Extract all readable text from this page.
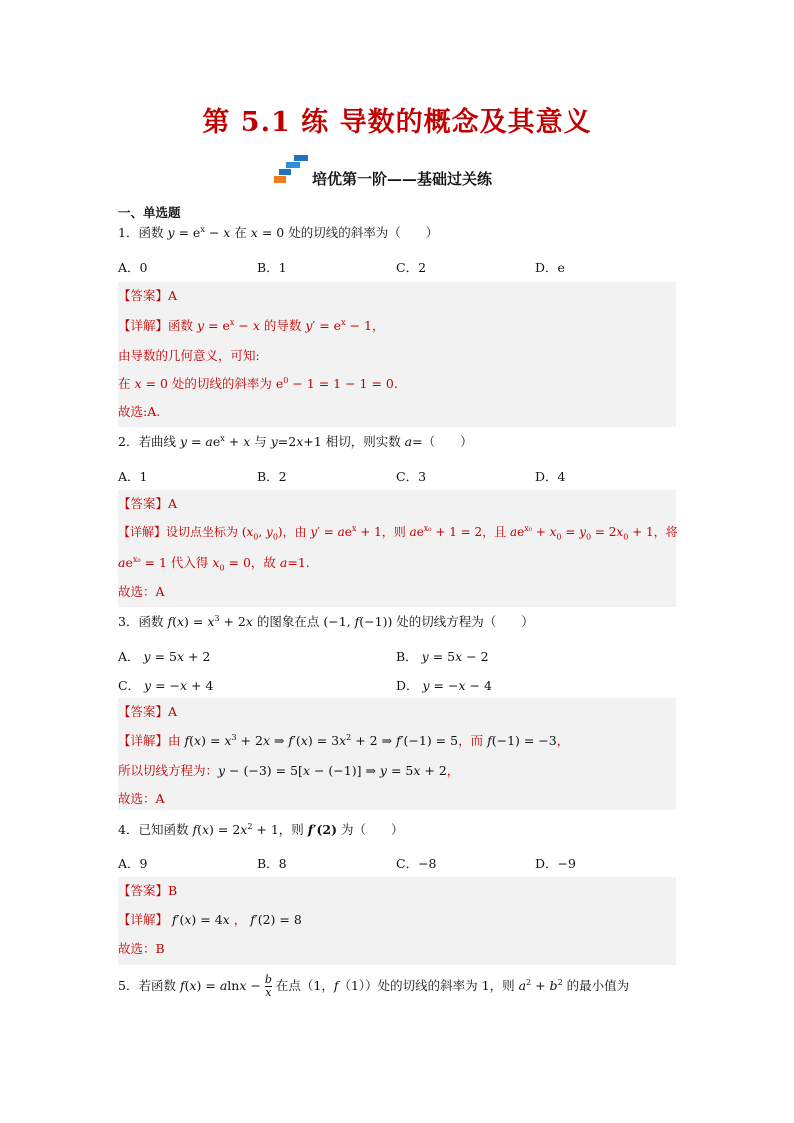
第 5.1 练 导数的概念及其意义
培优第一阶——基础过关练
一、单选题
1．函数 $y = e^x - x$ 在 x = 0 处的切线的斜率为（  ）
A．0	B．1	C．2	D．e
【答案】A
【详解】函数 $y = e^x - x$ 的导数 $y' = e^x - 1$，
由导数的几何意义，可知:
在 x = 0 处的切线的斜率为 $e^0 - 1 = 1 - 1 = 0$.
故选:A.
2．若曲线 $y = ae^x + x$ 与 y=2x+1 相切，则实数 a=（  ）
A．1	B．2	C．3	D．4
【答案】A
【详解】设切点坐标为 ($x_0$, $y_0$)，由 $y' = ae^x + 1$，则 $ae^{x_0} + 1 = 2$，且 $ae^{x_0} + x_0 = y_0 = 2x_0 + 1$，将
$ae^{x_0} = 1$ 代入得 $x_0 = 0$，故 a=1.
故选：A
3．函数 $f(x) = x^3 + 2x$ 的图象在点 (−1, f(−1)) 处的切线方程为（  ）
A． y = 5x + 2	B． y = 5x − 2
C． y = −x + 4	D． y = −x − 4
【答案】A
【详解】由 $f(x) = x^3 + 2x$ ⇒ $f'(x) = 3x^2 + 2$ ⇒ f′(−1) = 5，而 f(−1) = −3，
所以切线方程为：y − (−3) = 5[x − (−1)] ⇒ y = 5x + 2，
故选：A
4．已知函数 $f(x) = 2x^2 + 1$，则 f′(2) 为（  ）
A．9	B．8	C．−8	D．−9
【答案】B
【详解】 f′(x) = 4x ， f′(2) = 8
故选：B
5．若函数 $f(x) = alnx - \frac{b}{x}$ 在点（1，f（1））处的切线的斜率为 1，则 $a^2 + b^2$ 的最小值为
